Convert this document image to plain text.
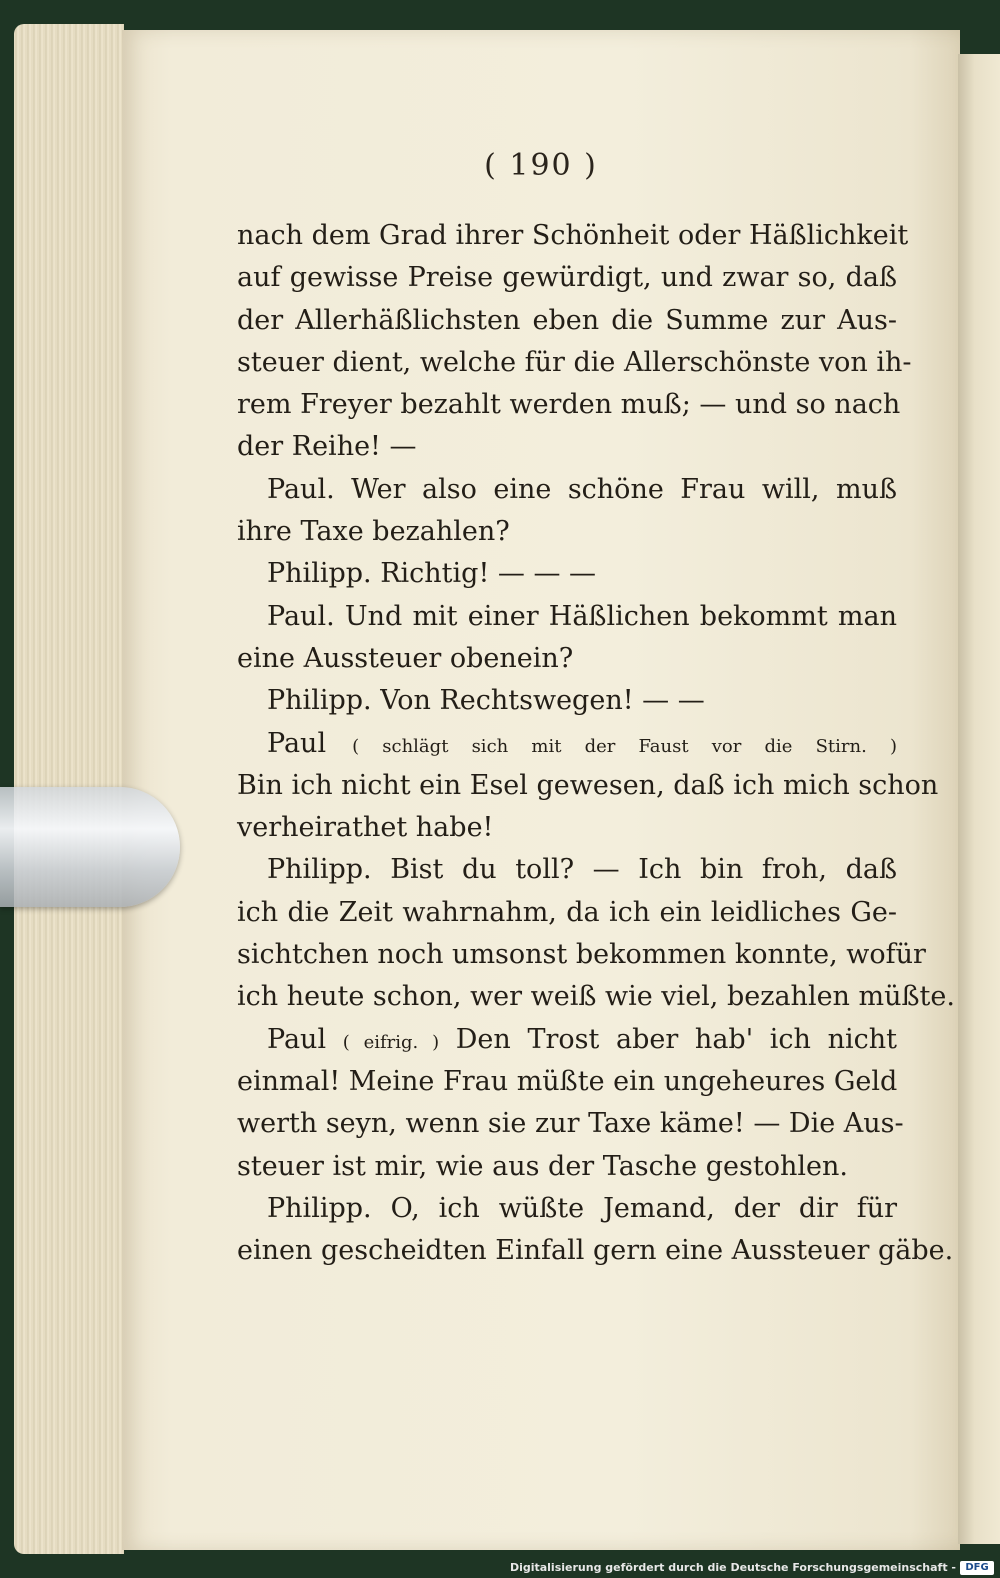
( 190 )
nach dem Grad ihrer Schönheit oder Häßlichkeit
auf gewisse Preise gewürdigt, und zwar so, daß
der Allerhäßlichsten eben die Summe zur Aus-
steuer dient, welche für die Allerschönste von ih-
rem Freyer bezahlt werden muß; — und so nach
der Reihe! —
Paul. Wer also eine schöne Frau will, muß
ihre Taxe bezahlen?
Philipp. Richtig! — — —
Paul. Und mit einer Häßlichen bekommt man
eine Aussteuer obenein?
Philipp. Von Rechtswegen! — —
Paul ( schlägt sich mit der Faust vor die Stirn. )
Bin ich nicht ein Esel gewesen, daß ich mich schon
verheirathet habe!
Philipp. Bist du toll? — Ich bin froh, daß
ich die Zeit wahrnahm, da ich ein leidliches Ge-
sichtchen noch umsonst bekommen konnte, wofür
ich heute schon, wer weiß wie viel, bezahlen müßte.
Paul ( eifrig. ) Den Trost aber hab' ich nicht
einmal! Meine Frau müßte ein ungeheures Geld
werth seyn, wenn sie zur Taxe käme! — Die Aus-
steuer ist mir, wie aus der Tasche gestohlen.
Philipp. O, ich wüßte Jemand, der dir für
einen gescheidten Einfall gern eine Aussteuer gäbe.
Digitalisierung gefördert durch die Deutsche Forschungsgemeinschaft - DFG
